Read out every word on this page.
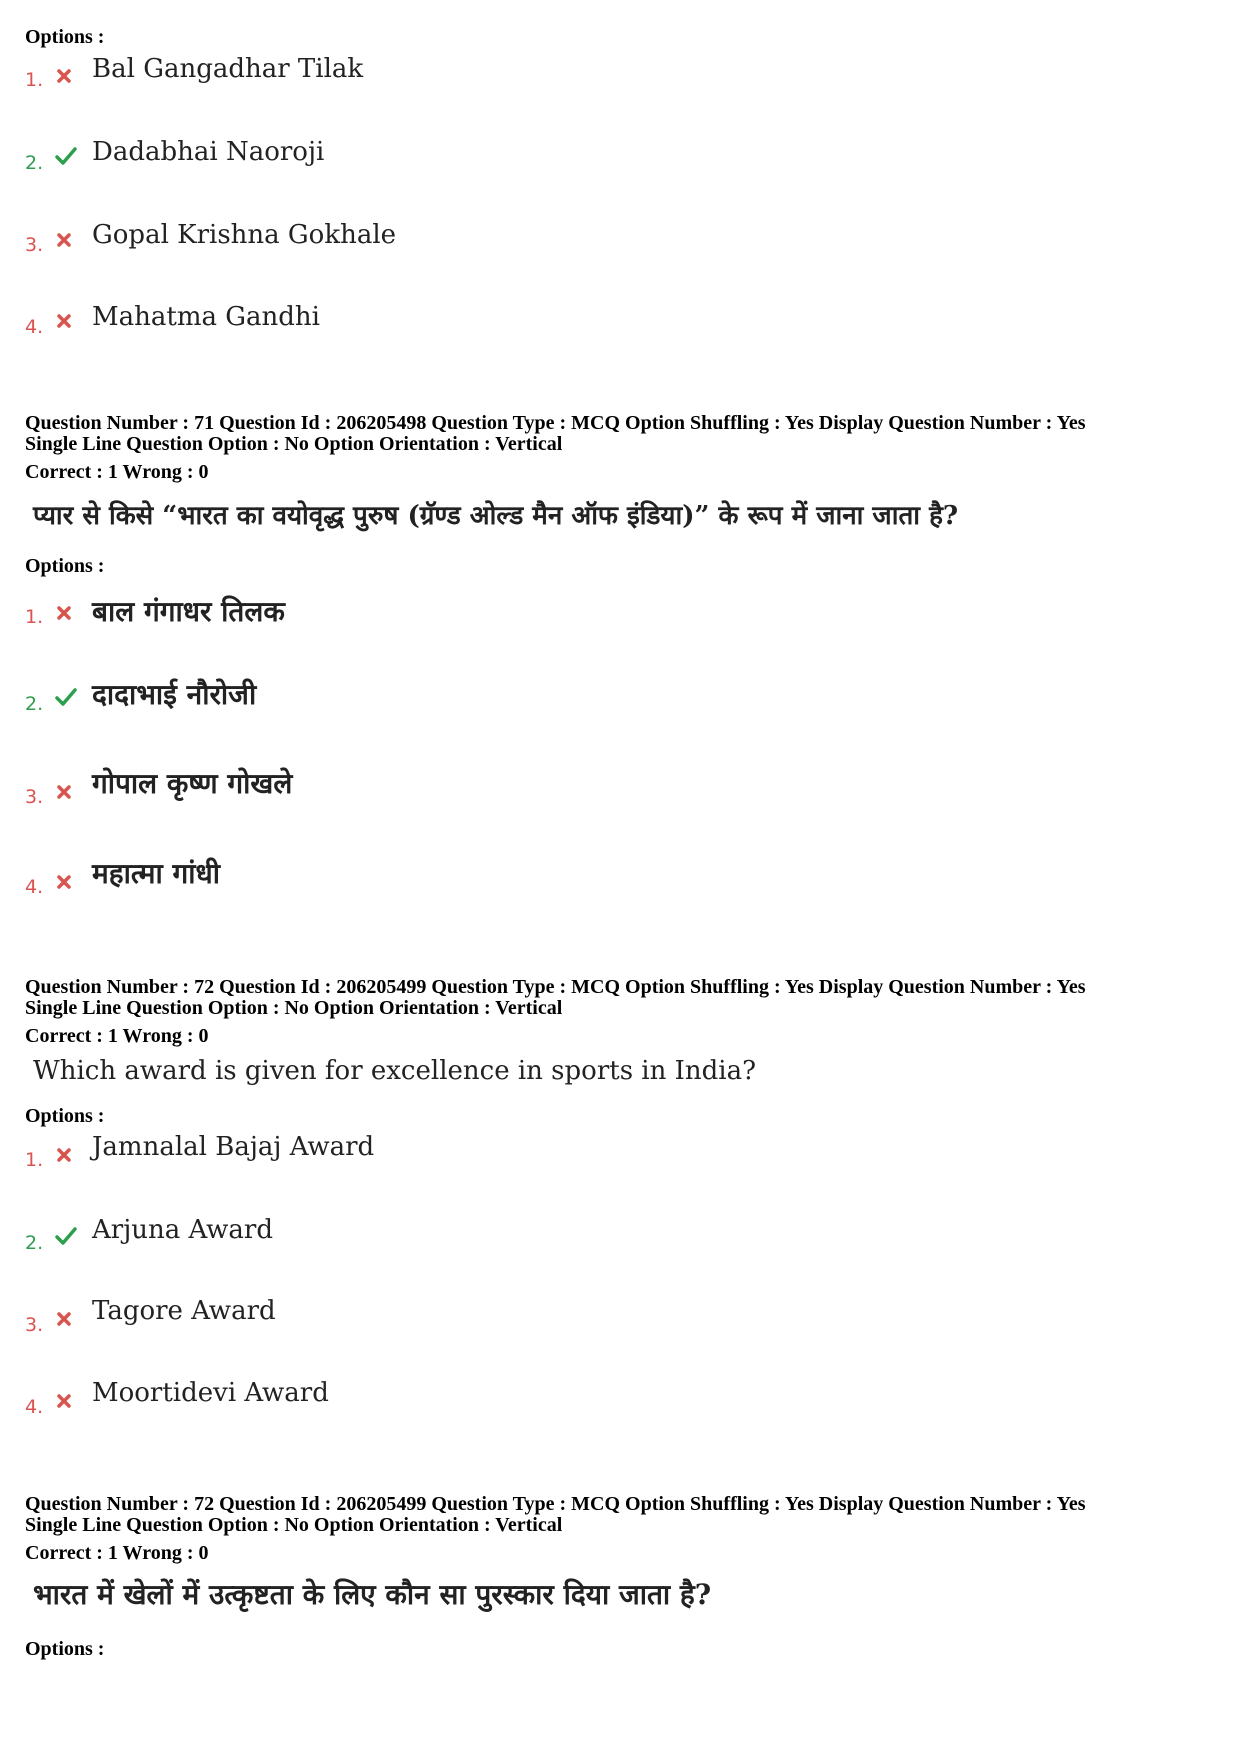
Options :
1. Bal Gangadhar Tilak
2. Dadabhai Naoroji
3. Gopal Krishna Gokhale
4. Mahatma Gandhi
Question Number : 71 Question Id : 206205498 Question Type : MCQ Option Shuffling : Yes Display Question Number : Yes
Single Line Question Option : No Option Orientation : Vertical
Correct : 1 Wrong : 0
प्यार से किसे “भारत का वयोवृद्ध पुरुष (ग्रॅण्ड ओल्ड मैन ऑफ इंडिया)” के रूप में जाना जाता है?
Options :
1. बाल गंगाधर तिलक
2. दादाभाई नौरोजी
3. गोपाल कृष्ण गोखले
4. महात्मा गांधी
Question Number : 72 Question Id : 206205499 Question Type : MCQ Option Shuffling : Yes Display Question Number : Yes
Single Line Question Option : No Option Orientation : Vertical
Correct : 1 Wrong : 0
Which award is given for excellence in sports in India?
Options :
1. Jamnalal Bajaj Award
2. Arjuna Award
3. Tagore Award
4. Moortidevi Award
Question Number : 72 Question Id : 206205499 Question Type : MCQ Option Shuffling : Yes Display Question Number : Yes
Single Line Question Option : No Option Orientation : Vertical
Correct : 1 Wrong : 0
भारत में खेलों में उत्कृष्टता के लिए कौन सा पुरस्कार दिया जाता है?
Options :
